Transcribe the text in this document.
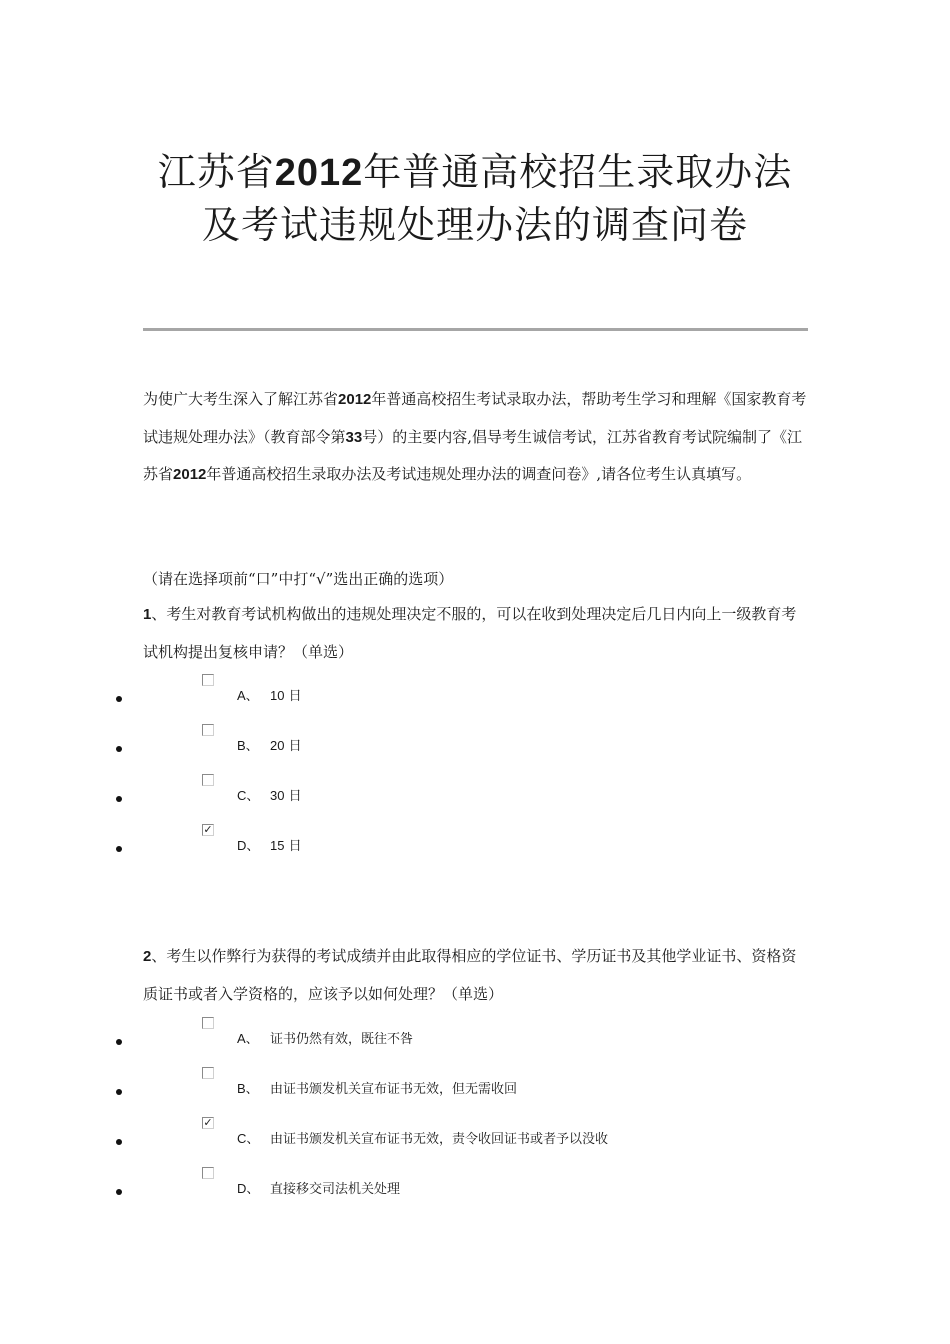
江苏省2012年普通高校招生录取办法
及考试违规处理办法的调查问卷
为使广大考生深入了解江苏省2012年普通高校招生考试录取办法，帮助考生学习和理解《国家教育考试违规处理办法》（教育部令第33号）的主要内容,倡导考生诚信考试，江苏省教育考试院编制了《江苏省2012年普通高校招生录取办法及考试违规处理办法的调查问卷》,请各位考生认真填写。
（请在选择项前“口”中打“√”选出正确的选项）
1、考生对教育考试机构做出的违规处理决定不服的，可以在收到处理决定后几日内向上一级教育考试机构提出复核申请？（单选）
A、 10 日
B、 20 日
C、 30 日
✓
D、 15 日
2、考生以作弊行为获得的考试成绩并由此取得相应的学位证书、学历证书及其他学业证书、资格资质证书或者入学资格的，应该予以如何处理？（单选）
A、 证书仍然有效，既往不咎
B、 由证书颁发机关宣布证书无效，但无需收回
✓
C、 由证书颁发机关宣布证书无效，责令收回证书或者予以没收
D、 直接移交司法机关处理
